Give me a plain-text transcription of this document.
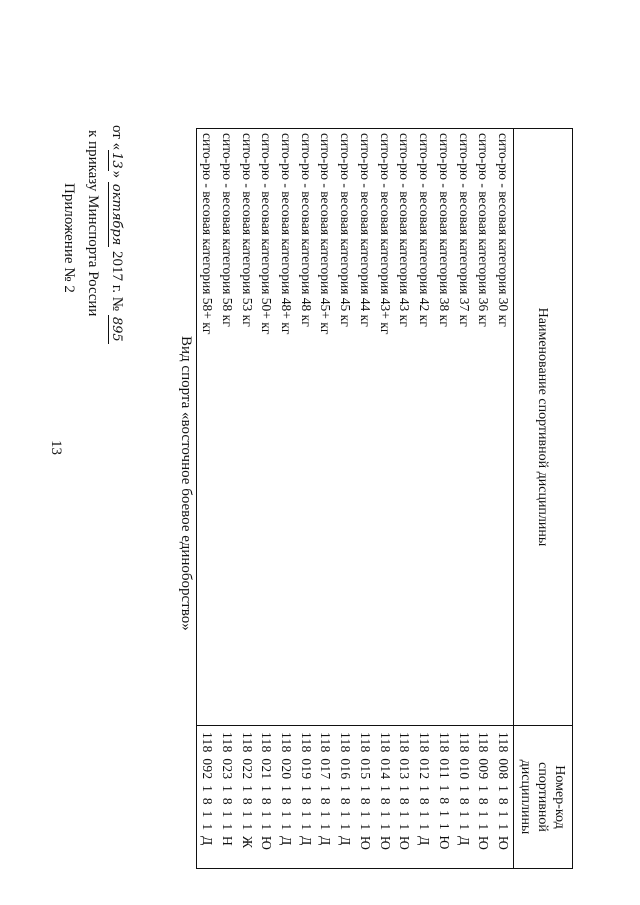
13
Приложение № 2 к приказу Минспорта России от «13» октября 2017 г. № 895
Вид спорта «восточное боевое единоборство»	Наименование спортивной дисциплины	Номер-код спортивной дисциплины
сито-рю - весовая категория 30 кг	118 008 1 8 1 1 Ю
сито-рю - весовая категория 36 кг	118 009 1 8 1 1 Ю
сито-рю - весовая категория 37 кг	118 010 1 8 1 1 Д
сито-рю - весовая категория 38 кг	118 011 1 8 1 1 Ю
сито-рю - весовая категория 42 кг	118 012 1 8 1 1 Д
сито-рю - весовая категория 43 кг	118 013 1 8 1 1 Ю
сито-рю - весовая категория 43+ кг	118 014 1 8 1 1 Ю
сито-рю - весовая категория 44 кг	118 015 1 8 1 1 Ю
сито-рю - весовая категория 45 кг	118 016 1 8 1 1 Д
сито-рю - весовая категория 45+ кг	118 017 1 8 1 1 Д
сито-рю - весовая категория 48 кг	118 019 1 8 1 1 Д
сито-рю - весовая категория 48+ кг	118 020 1 8 1 1 Д
сито-рю - весовая категория 50+ кг	118 021 1 8 1 1 Ю
сито-рю - весовая категория 53 кг	118 022 1 8 1 1 Ж
сито-рю - весовая категория 58 кг	118 023 1 8 1 1 Н
сито-рю - весовая категория 58+ кг	118 092 1 8 1 1 Д
